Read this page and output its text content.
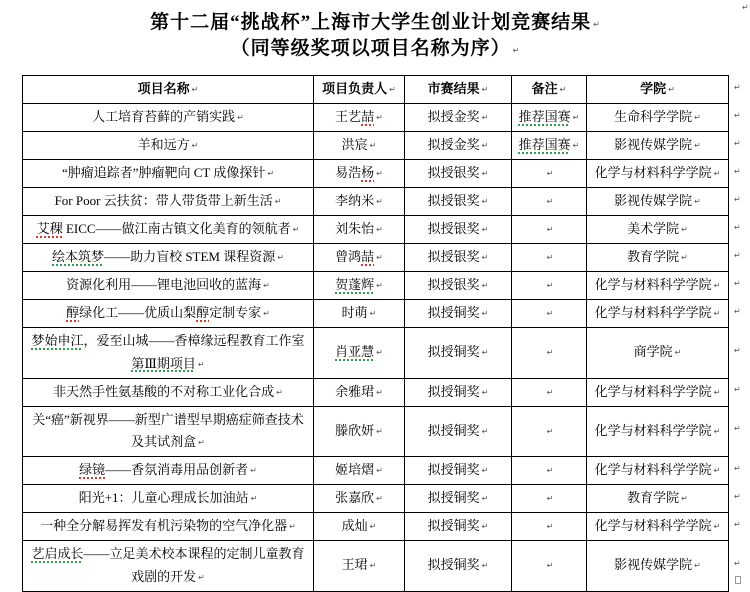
第十二届“挑战杯”上海市大学生创业计划竞赛结果 ↵
（同等级奖项以项目名称为序） ↵
↵
项目名称 ↵	项目负责人 ↵	市赛结果 ↵	备注 ↵	学院 ↵
人工培育苔藓的产销实践 ↵	王艺喆 ↵	拟授金奖 ↵	推荐国赛 ↵	生命科学学院 ↵
羊和远方 ↵	洪宸 ↵	拟授金奖 ↵	推荐国赛 ↵	影视传媒学院 ↵
“肿瘤追踪者”肿瘤靶向 CT 成像探针 ↵	易浩杨 ↵	拟授银奖 ↵	↵	化学与材料科学学院 ↵
For Poor 云扶贫：带人带货带上新生活 ↵	李纳米 ↵	拟授银奖 ↵	↵	影视传媒学院 ↵
艾稞 EICC——做江南古镇文化美育的领航者 ↵	刘朱怡 ↵	拟授银奖 ↵	↵	美术学院 ↵
绘本筑梦——助力盲校 STEM 课程资源 ↵	曾鸿喆 ↵	拟授银奖 ↵	↵	教育学院 ↵
资源化利用——锂电池回收的蓝海 ↵	贺蓬辉 ↵	拟授银奖 ↵	↵	化学与材料科学学院 ↵
醇绿化工——优质山梨醇定制专家 ↵	时萌 ↵	拟授铜奖 ↵	↵	化学与材料科学学院 ↵
梦始申江，爱至山城——香樟缘远程教育工作室第Ⅲ期项目 ↵	肖亚慧 ↵	拟授铜奖 ↵	↵	商学院 ↵
非天然手性氨基酸的不对称工业化合成 ↵	余雅珺 ↵	拟授铜奖 ↵	↵	化学与材料科学学院 ↵
关“癌”新视界——新型广谱型早期癌症筛查技术及其试剂盒 ↵	滕欣妍 ↵	拟授铜奖 ↵	↵	化学与材料科学学院 ↵
绿镜——香氛消毒用品创新者 ↵	姬培熠 ↵	拟授铜奖 ↵	↵	化学与材料科学学院 ↵
阳光+1：儿童心理成长加油站 ↵	张嘉欣 ↵	拟授铜奖 ↵	↵	教育学院 ↵
一种全分解易挥发有机污染物的空气净化器 ↵	成灿 ↵	拟授铜奖 ↵	↵	化学与材料科学学院 ↵
艺启成长——立足美术校本课程的定制儿童教育戏剧的开发 ↵	王珺 ↵	拟授铜奖 ↵	↵	影视传媒学院 ↵
↵
↵
↵
↵
↵
↵
↵
↵
↵
↵
↵
↵
↵
↵
↵
↵
